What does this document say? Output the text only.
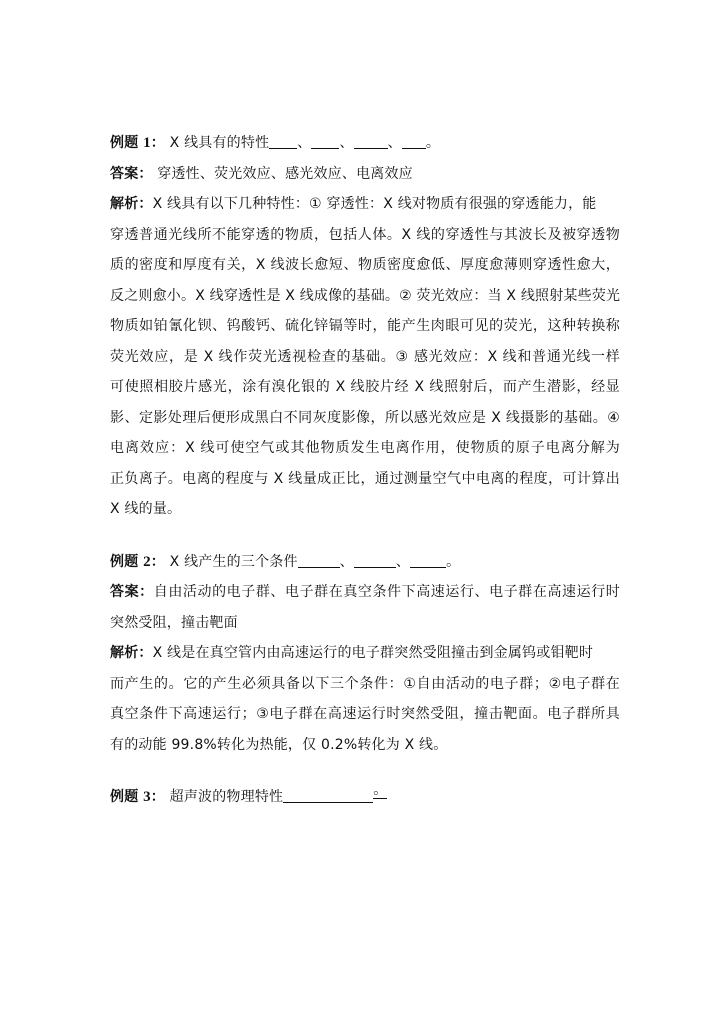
例题 1： X 线具有的特性 、 、 、 。
答案： 穿透性、荧光效应、感光效应、电离效应
解析：X 线具有以下几种特性：① 穿透性：X 线对物质有很强的穿透能力，能
穿透普通光线所不能穿透的物质，包括人体。X 线的穿透性与其波长及被穿透物
质的密度和厚度有关，X 线波长愈短、物质密度愈低、厚度愈薄则穿透性愈大，
反之则愈小。X 线穿透性是 X 线成像的基础。② 荧光效应：当 X 线照射某些荧光
物质如铂氰化钡、钨酸钙、硫化锌镉等时，能产生肉眼可见的荧光，这种转换称
荧光效应，是 X 线作荧光透视检查的基础。③ 感光效应：X 线和普通光线一样
可使照相胶片感光，涂有溴化银的 X 线胶片经 X 线照射后，而产生潜影，经显
影、定影处理后便形成黑白不同灰度影像，所以感光效应是 X 线摄影的基础。④
电离效应：X 线可使空气或其他物质发生电离作用，使物质的原子电离分解为
正负离子。电离的程度与 X 线量成正比，通过测量空气中电离的程度，可计算出
X 线的量。
例题 2： X 线产生的三个条件	、	、	。
答案：自由活动的电子群、电子群在真空条件下高速运行、电子群在高速运行时
突然受阻，撞击靶面
解析：X 线是在真空管内由高速运行的电子群突然受阻撞击到金属钨或钼靶时
而产生的。它的产生必须具备以下三个条件：①自由活动的电子群；②电子群在
真空条件下高速运行；③电子群在高速运行时突然受阻，撞击靶面。电子群所具
有的动能 99.8%转化为热能，仅 0.2%转化为 X 线。
例题 3： 超声波的物理特性	。
